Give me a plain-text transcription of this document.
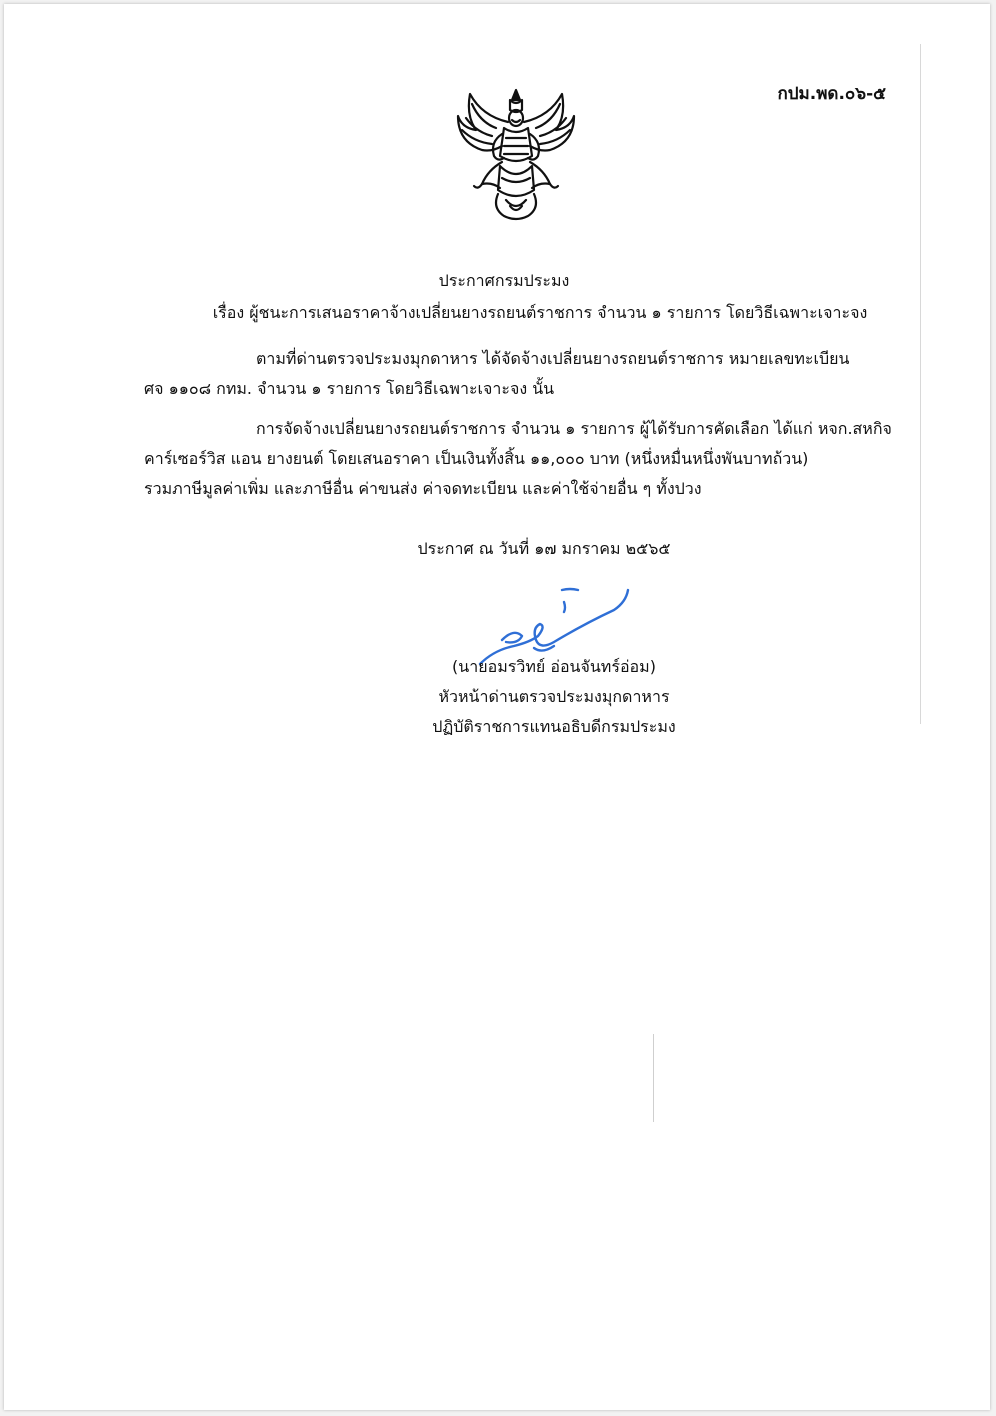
กปม.พด.๐๖-๕
ประกาศกรมประมง
เรื่อง ผู้ชนะการเสนอราคาจ้างเปลี่ยนยางรถยนต์ราชการ จำนวน ๑ รายการ โดยวิธีเฉพาะเจาะจง
ตามที่ด่านตรวจประมงมุกดาหาร ได้จัดจ้างเปลี่ยนยางรถยนต์ราชการ หมายเลขทะเบียน
ศจ ๑๑๐๘ กทม. จำนวน ๑ รายการ โดยวิธีเฉพาะเจาะจง นั้น
การจัดจ้างเปลี่ยนยางรถยนต์ราชการ จำนวน ๑ รายการ ผู้ได้รับการคัดเลือก ได้แก่ หจก.สหกิจ
คาร์เซอร์วิส แอน ยางยนต์ โดยเสนอราคา เป็นเงินทั้งสิ้น ๑๑,๐๐๐ บาท (หนึ่งหมื่นหนึ่งพันบาทถ้วน)
รวมภาษีมูลค่าเพิ่ม และภาษีอื่น ค่าขนส่ง ค่าจดทะเบียน และค่าใช้จ่ายอื่น ๆ ทั้งปวง
ประกาศ ณ วันที่ ๑๗ มกราคม ๒๕๖๕
(นายอมรวิทย์ อ่อนจันทร์อ่อม)
หัวหน้าด่านตรวจประมงมุกดาหาร
ปฏิบัติราชการแทนอธิบดีกรมประมง
